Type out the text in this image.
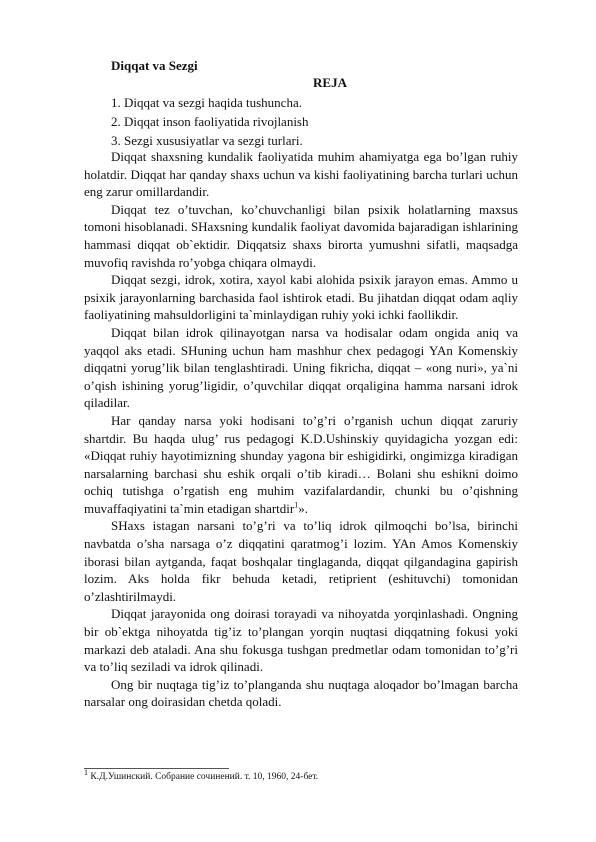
Diqqat va Sezgi
REJA
1. Diqqat va sezgi haqida tushuncha.
2. Diqqat inson faoliyatida rivojlanish
3. Sezgi xususiyatlar va sezgi turlari.

Diqqat shaxsning kundalik faoliyatida muhim ahamiyatga ega bo’lgan ruhiy holatdir. Diqqat har qanday shaxs uchun va kishi faoliyatining barcha turlari uchun eng zarur omillardandir.

Diqqat tez o’tuvchan, ko’chuvchanligi bilan psixik holatlarning maxsus tomoni hisoblanadi. SHaxsning kundalik faoliyat davomida bajaradigan ishlarining hammasi diqqat ob`ektidir. Diqqatsiz shaxs birorta yumushni sifatli, maqsadga muvofiq ravishda ro’yobga chiqara olmaydi.

Diqqat sezgi, idrok, xotira, xayol kabi alohida psixik jarayon emas. Ammo u psixik jarayonlarning barchasida faol ishtirok etadi. Bu jihatdan diqqat odam aqliy faoliyatining mahsuldorligini ta`minlaydigan ruhiy yoki ichki faollikdir.

Diqqat bilan idrok qilinayotgan narsa va hodisalar odam ongida aniq va yaqqol aks etadi. SHuning uchun ham mashhur chex pedagogi YAn Komenskiy diqqatni yorug’lik bilan tenglashtiradi. Uning fikricha, diqqat – «ong nuri», ya`ni o’qish ishining yorug’ligidir, o’quvchilar diqqat orqaligina hamma narsani idrok qiladilar.

Har qanday narsa yoki hodisani to’g’ri o’rganish uchun diqqat zaruriy shartdir. Bu haqda ulug’ rus pedagogi K.D.Ushinskiy quyidagicha yozgan edi: «Diqqat ruhiy hayotimizning shunday yagona bir eshigidirki, ongimizga kiradigan narsalarning barchasi shu eshik orqali o’tib kiradi… Bolani shu eshikni doimo ochiq tutishga o’rgatish eng muhim vazifalardandir, chunki bu o’qishning muvaffaqiyatini ta`min etadigan shartdir$^1$».

SHaxs istagan narsani to’g’ri va to’liq idrok qilmoqchi bo’lsa, birinchi navbatda o’sha narsaga o’z diqqatini qaratmog’i lozim. YAn Amos Komenskiy iborasi bilan aytganda, faqat boshqalar tinglaganda, diqqat qilgandagina gapirish lozim. Aks holda fikr behuda ketadi, retiprient (eshituvchi) tomonidan o’zlashtirilmaydi.

Diqqat jarayonida ong doirasi torayadi va nihoyatda yorqinlashadi. Ongning bir ob`ektga nihoyatda tig’iz to’plangan yorqin nuqtasi diqqatning fokusi yoki markazi deb ataladi. Ana shu fokusga tushgan predmetlar odam tomonidan to’g’ri va to’liq seziladi va idrok qilinadi.

Ong bir nuqtaga tig’iz to’planganda shu nuqtaga aloqador bo’lmagan barcha narsalar ong doirasidan chetda qoladi.

$^1$ К.Д.Ушинский. Собрание сочинений. т. 10, 1960, 24-бет.
